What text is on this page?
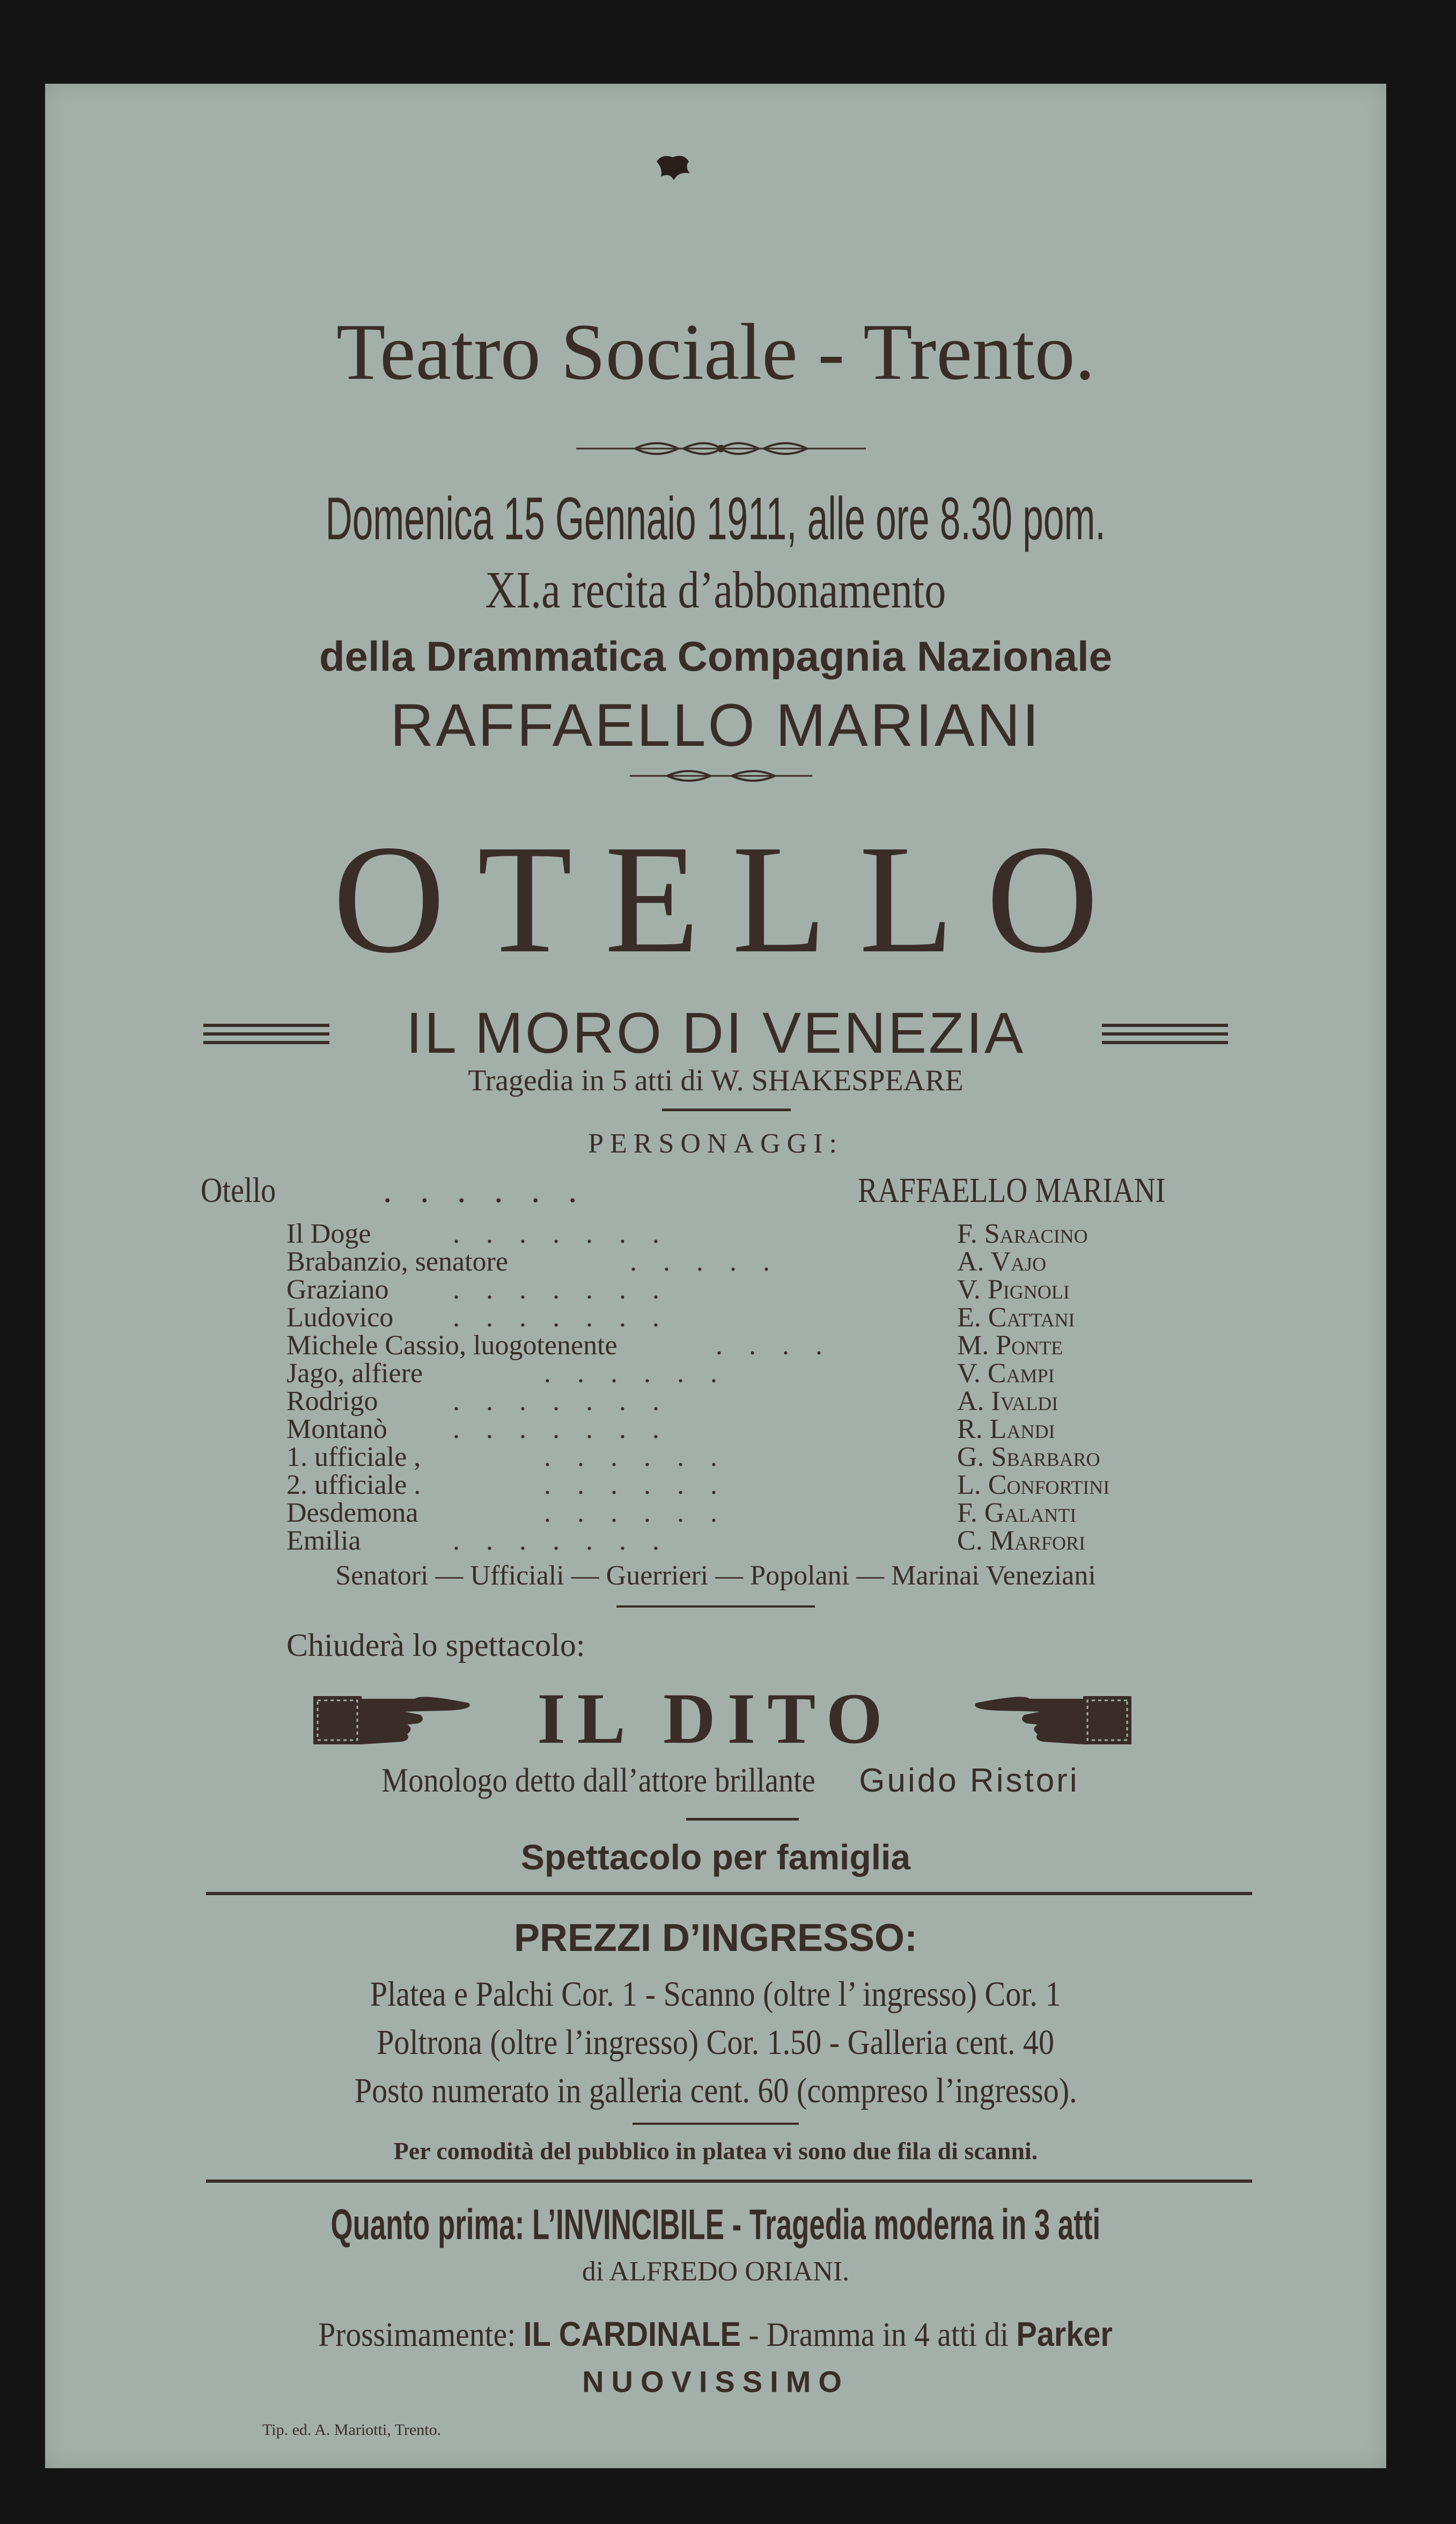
Teatro Sociale - Trento.
Domenica 15 Gennaio 1911, alle ore 8.30 pom.
XI.a recita d’abbonamento
della Drammatica Compagnia Nazionale
RAFFAELLO MARIANI
OTELLO
IL MORO DI VENEZIA
Tragedia in 5 atti di W. SHAKESPEARE
PERSONAGGI:
Otello	. . . . . .	RAFFAELLO MARIANI
Il Doge	. . . . . . .	F. Saracino
Brabanzio, senatore	. . . . .	A. Vajo
Graziano . . . . . . .	V. Pignoli
Ludovico . . . . . . .	E. Cattani
Michele Cassio, luogotenente	. . . .	M. Ponte
Jago, alfiere	. . . . . .	V. Campi
Rodrigo	. . . . . . .	A. Ivaldi
Montanò . . . . . . .	R. Landi
1. ufficiale ,	. . . . . .	G. Sbarbaro
2. ufficiale .	. . . . . .	L. Confortini
Desdemona	. . . . . .	F. Galanti
Emilia	. . . . . . .	C. Marfori
Senatori — Ufficiali — Guerrieri — Popolani — Marinai Veneziani
Chiuderà lo spettacolo:
IL DITO
Monologo detto dall’attore brillante Guido Ristori
Spettacolo per famiglia
PREZZI D’INGRESSO:
Platea e Palchi Cor. 1 - Scanno (oltre l’ ingresso) Cor. 1
Poltrona (oltre l’ingresso) Cor. 1.50 - Galleria cent. 40
Posto numerato in galleria cent. 60 (compreso l’ingresso).
Per comodità del pubblico in platea vi sono due fila di scanni.
Quanto prima: L’INVINCIBILE - Tragedia moderna in 3 atti
di ALFREDO ORIANI.
Prossimamente: IL CARDINALE - Dramma in 4 atti di Parker
NUOVISSIMO
Tip. ed. A. Mariotti, Trento.
